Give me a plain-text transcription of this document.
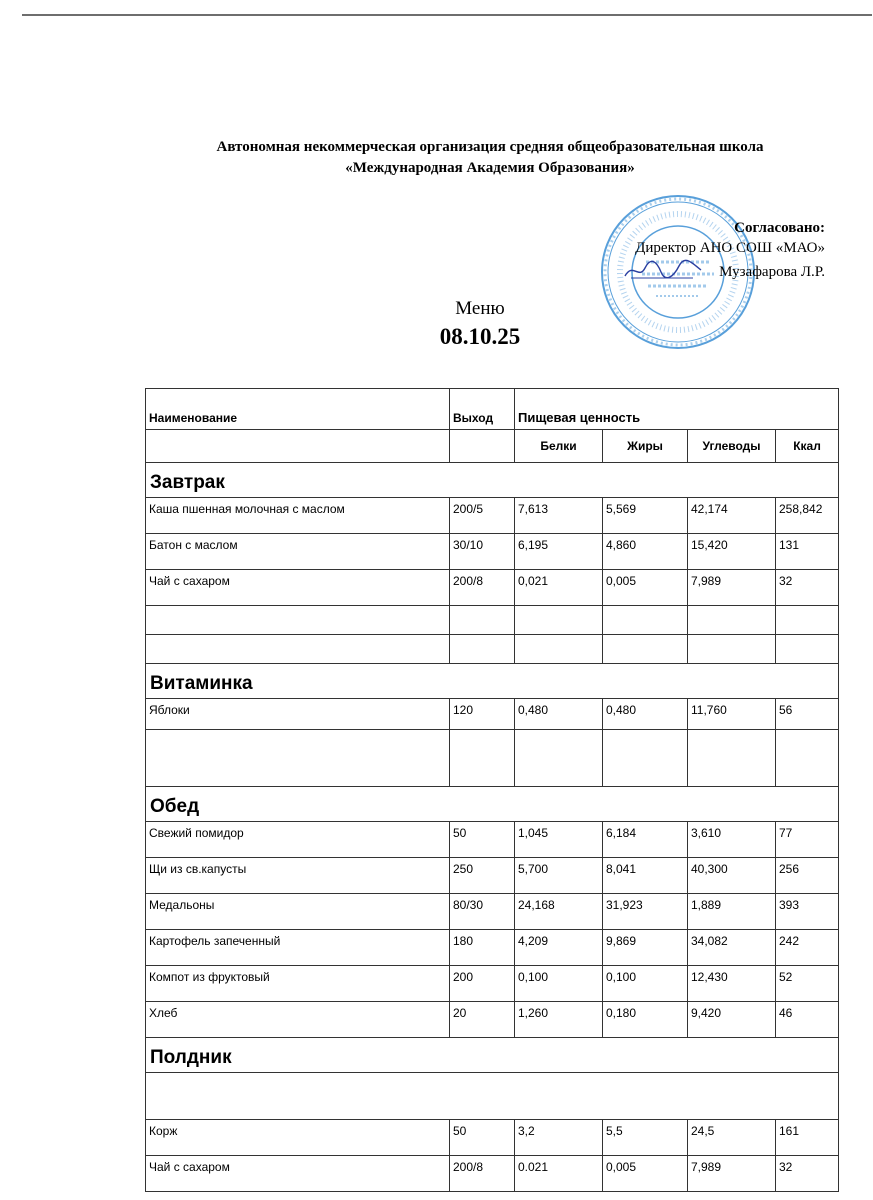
Автономная некоммерческая организация средняя общеобразовательная школа
«Международная Академия Образования»
Согласовано:
Директор АНО СОШ «МАО»
Музафарова Л.Р.
Меню
08.10.25
Наименование	Выход	Пищевая ценность			
		Белки	Жиры	Углеводы	Ккал
Завтрак					
Каша пшенная молочная с маслом	200/5	7,613	5,569	42,174	258,842
Батон с маслом	30/10	6,195	4,860	15,420	131
Чай с сахаром	200/8	0,021	0,005	7,989	32

Витаминка					
Яблоки	120	0,480	0,480	11,760	56

Обед					
Свежий помидор	50	1,045	6,184	3,610	77
Щи из св.капусты	250	5,700	8,041	40,300	256
Медальоны	80/30	24,168	31,923	1,889	393
Картофель запеченный	180	4,209	9,869	34,082	242
Компот из фруктовый	200	0,100	0,100	12,430	52
Хлеб	20	1,260	0,180	9,420	46
Полдник					

Корж	50	3,2	5,5	24,5	161
Чай с сахаром	200/8	0.021	0,005	7,989	32
